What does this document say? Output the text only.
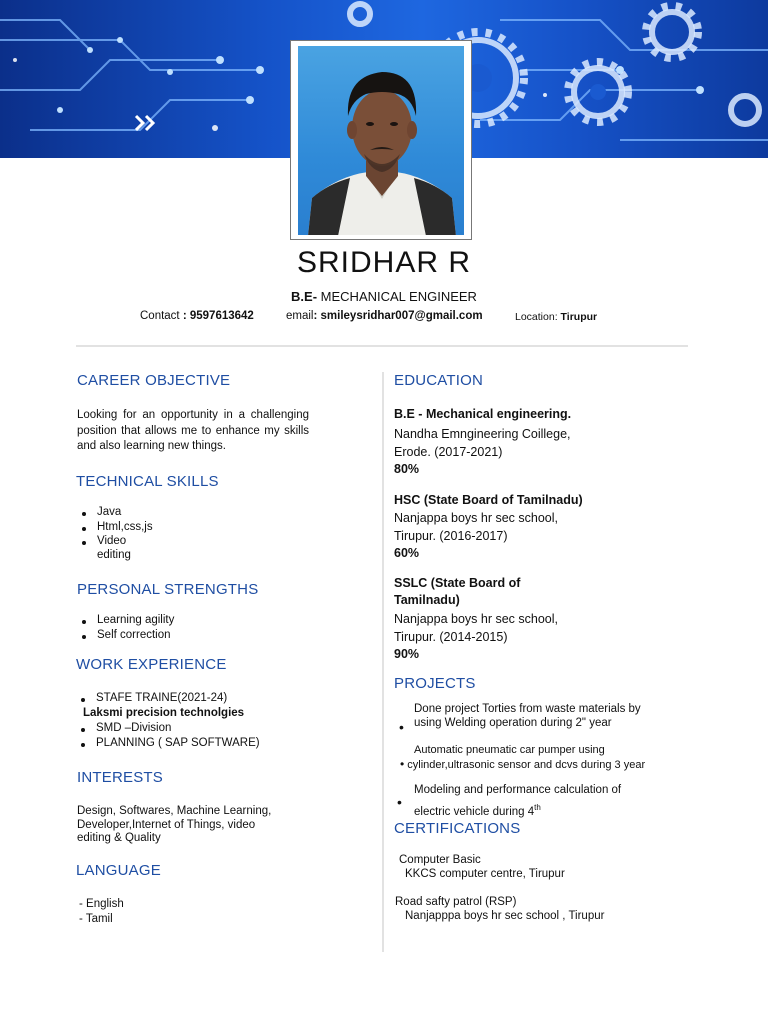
SRIDHAR R
B.E- MECHANICAL ENGINEER
Contact : 9597613642	email: smileysridhar007@gmail.com	Location: Tirupur
CAREER OBJECTIVE
Looking for an opportunity in a challenging position that allows me to enhance my skills and also learning new things.
TECHNICAL SKILLS
Java
Html,css,js
Video
editing
PERSONAL STRENGTHS
Learning agility
Self correction
WORK EXPERIENCE
STAFE TRAINE(2021-24)
Laksmi precision technolgies
SMD –Division
PLANNING ( SAP SOFTWARE)
INTERESTS
Design, Softwares, Machine Learning,
Developer,Internet of Things, video
editing & Quality
LANGUAGE
- English
- Tamil
EDUCATION
B.E - Mechanical engineering.
Nandha Emngineering Coillege,
Erode. (2017-2021)
80%
HSC (State Board of Tamilnadu)
Nanjappa boys hr sec school,
Tirupur. (2016-2017)
60%
SSLC (State Board of
Tamilnadu)
Nanjappa boys hr sec school,
Tirupur. (2014-2015)
90%
PROJECTS
Done project Torties from waste materials by
using Welding operation during 2" year
•
Automatic pneumatic car pumper using
• cylinder,ultrasonic sensor and dcvs during 3 year
Modeling and performance calculation of
electric vehicle during 4th
•
CERTIFICATIONS
Computer Basic
KKCS computer centre, Tirupur
Road safty patrol (RSP)
Nanjapppa boys hr sec school , Tirupur
